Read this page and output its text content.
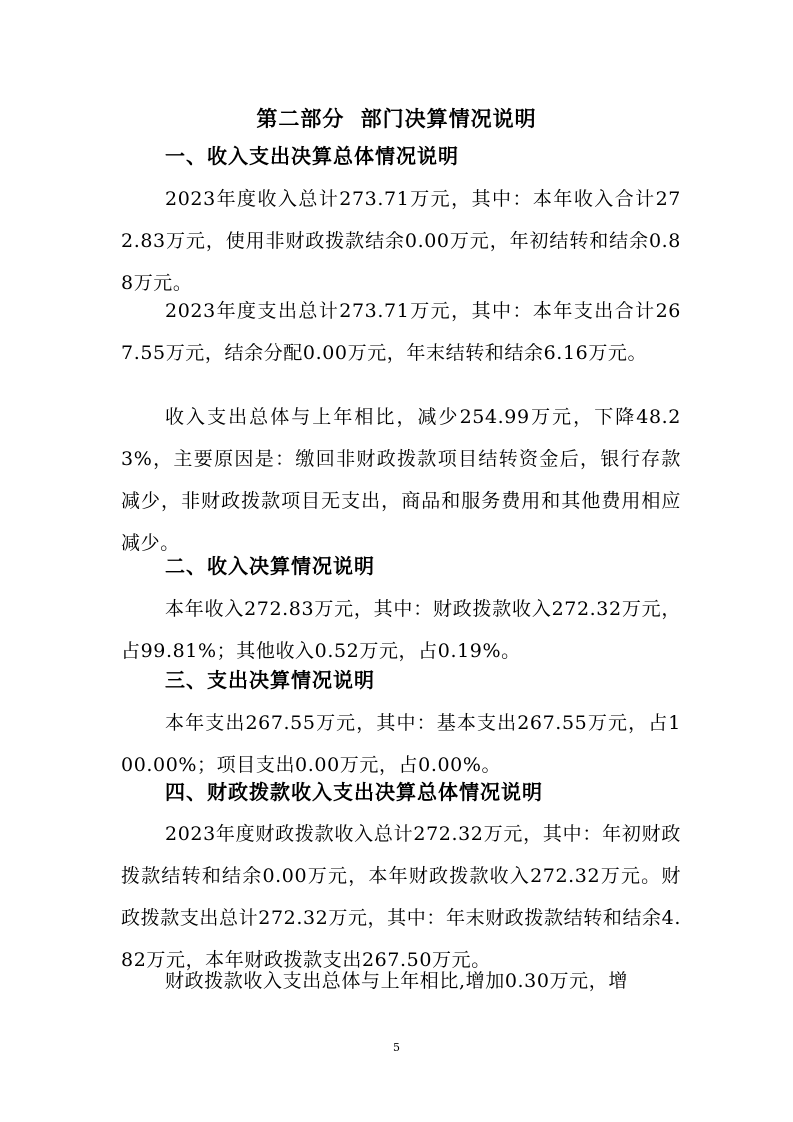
第二部分 部门决算情况说明
一、收入支出决算总体情况说明
2023年度收入总计273.71万元，其中：本年收入合计272.83万元，使用非财政拨款结余0.00万元，年初结转和结余0.88万元。
2023年度支出总计273.71万元，其中：本年支出合计267.55万元，结余分配0.00万元，年末结转和结余6.16万元。
收入支出总体与上年相比，减少254.99万元，下降48.23%，主要原因是：缴回非财政拨款项目结转资金后，银行存款减少，非财政拨款项目无支出，商品和服务费用和其他费用相应减少。
二、收入决算情况说明
本年收入272.83万元，其中：财政拨款收入272.32万元，占99.81%；其他收入0.52万元，占0.19%。
三、支出决算情况说明
本年支出267.55万元，其中：基本支出267.55万元，占100.00%；项目支出0.00万元，占0.00%。
四、财政拨款收入支出决算总体情况说明
2023年度财政拨款收入总计272.32万元，其中：年初财政拨款结转和结余0.00万元，本年财政拨款收入272.32万元。财政拨款支出总计272.32万元，其中：年末财政拨款结转和结余4.82万元，本年财政拨款支出267.50万元。
财政拨款收入支出总体与上年相比,增加0.30万元，增
5
